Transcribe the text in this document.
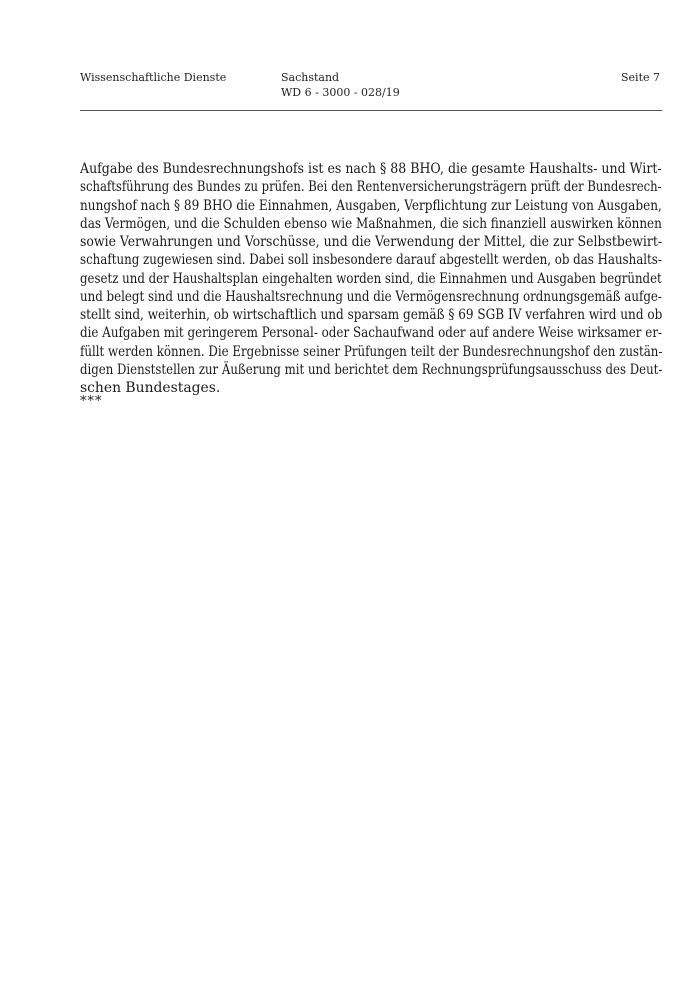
Wissenschaftliche Dienste	Sachstand
WD 6 - 3000 - 028/19
Seite 7
Aufgabe des Bundesrechnungshofs ist es nach § 88 BHO, die gesamte Haushalts- und Wirt-
schaftsführung des Bundes zu prüfen. Bei den Rentenversicherungsträgern prüft der Bundesrech-
nungshof nach § 89 BHO die Einnahmen, Ausgaben, Verpflichtung zur Leistung von Ausgaben,
das Vermögen, und die Schulden ebenso wie Maßnahmen, die sich finanziell auswirken können
sowie Verwahrungen und Vorschüsse, und die Verwendung der Mittel, die zur Selbstbewirt-
schaftung zugewiesen sind. Dabei soll insbesondere darauf abgestellt werden, ob das Haushalts-
gesetz und der Haushaltsplan eingehalten worden sind, die Einnahmen und Ausgaben begründet
und belegt sind und die Haushaltsrechnung und die Vermögensrechnung ordnungsgemäß aufge-
stellt sind, weiterhin, ob wirtschaftlich und sparsam gemäß § 69 SGB IV verfahren wird und ob
die Aufgaben mit geringerem Personal- oder Sachaufwand oder auf andere Weise wirksamer er-
füllt werden können. Die Ergebnisse seiner Prüfungen teilt der Bundesrechnungshof den zustän-
digen Dienststellen zur Äußerung mit und berichtet dem Rechnungsprüfungsausschuss des Deut-
schen Bundestages.
***
